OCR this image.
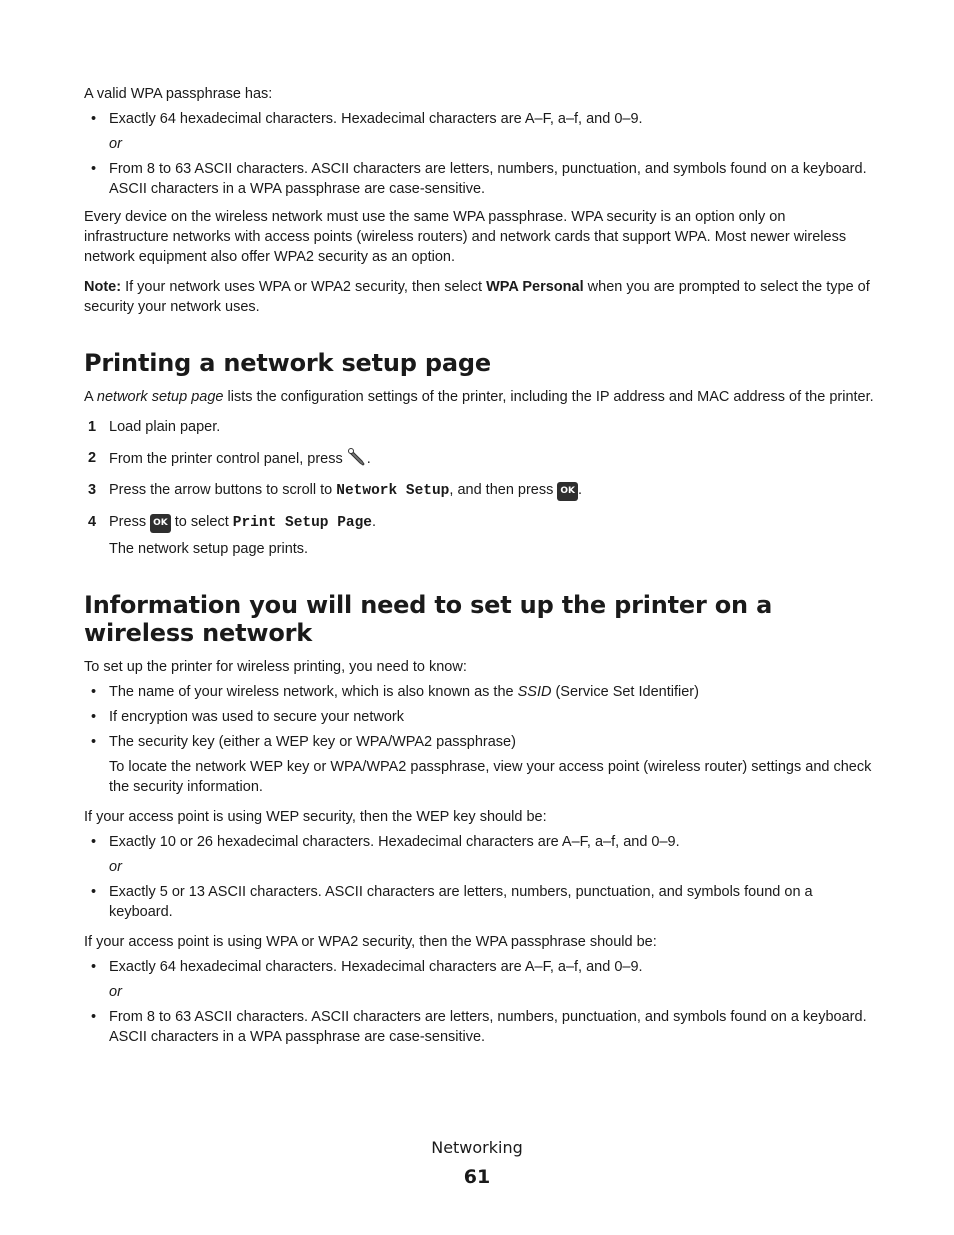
A valid WPA passphrase has:

• Exactly 64 hexadecimal characters. Hexadecimal characters are A–F, a–f, and 0–9.

or

• From 8 to 63 ASCII characters. ASCII characters are letters, numbers, punctuation, and symbols found on a keyboard. ASCII characters in a WPA passphrase are case-sensitive.

Every device on the wireless network must use the same WPA passphrase. WPA security is an option only on infrastructure networks with access points (wireless routers) and network cards that support WPA. Most newer wireless network equipment also offer WPA2 security as an option.

Note: If your network uses WPA or WPA2 security, then select WPA Personal when you are prompted to select the type of security your network uses.

Printing a network setup page

A network setup page lists the configuration settings of the printer, including the IP address and MAC address of the printer.

1 Load plain paper.
2 From the printer control panel, press .
3 Press the arrow buttons to scroll to Network Setup, and then press OK .
4 Press OK to select Print Setup Page.

The network setup page prints.

Information you will need to set up the printer on a wireless network

To set up the printer for wireless printing, you need to know:

• The name of your wireless network, which is also known as the SSID (Service Set Identifier)
• If encryption was used to secure your network
• The security key (either a WEP key or WPA/WPA2 passphrase)

To locate the network WEP key or WPA/WPA2 passphrase, view your access point (wireless router) settings and check the security information.

If your access point is using WEP security, then the WEP key should be:

• Exactly 10 or 26 hexadecimal characters. Hexadecimal characters are A–F, a–f, and 0–9.

or

• Exactly 5 or 13 ASCII characters. ASCII characters are letters, numbers, punctuation, and symbols found on a keyboard.

If your access point is using WPA or WPA2 security, then the WPA passphrase should be:

• Exactly 64 hexadecimal characters. Hexadecimal characters are A–F, a–f, and 0–9.

or

• From 8 to 63 ASCII characters. ASCII characters are letters, numbers, punctuation, and symbols found on a keyboard. ASCII characters in a WPA passphrase are case-sensitive.
Networking
61
